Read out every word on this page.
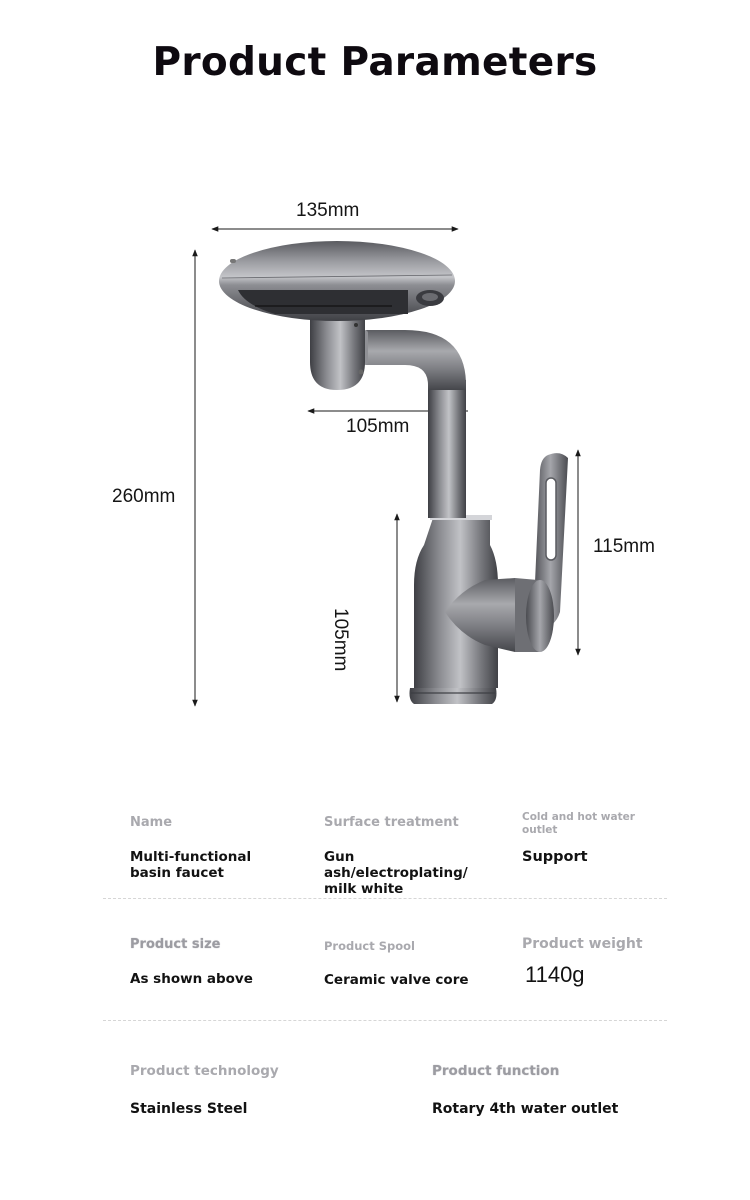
Product Parameters
135mm
105mm
260mm
115mm
105mm
Name
Multi-functional basin faucet
Surface treatment
Gun ash/electroplating/ milk white
Cold and hot water outlet
Support
Product size
As shown above
Product Spool
Ceramic valve core
Product weight
1140g
Product technology
Stainless Steel
Product function
Rotary 4th water outlet
